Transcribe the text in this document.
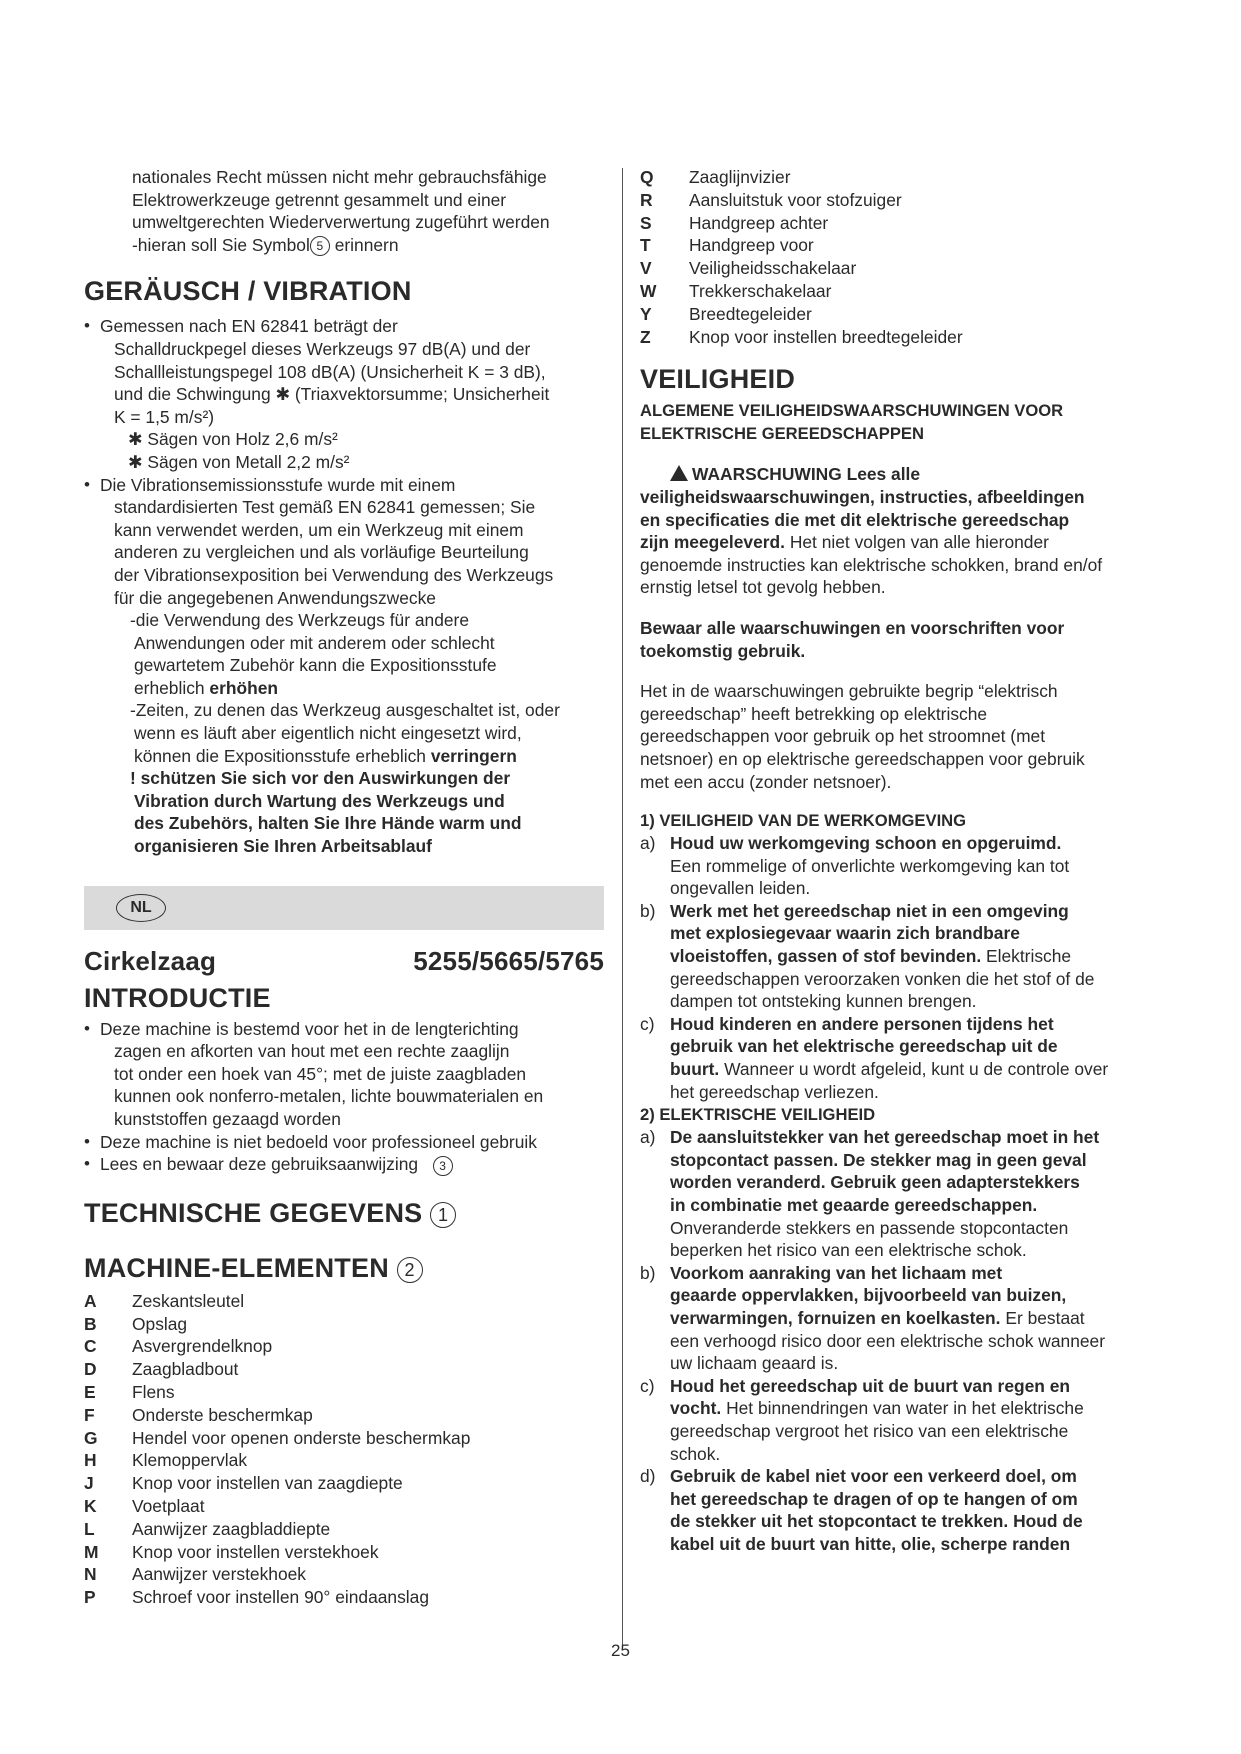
nationales Recht müssen nicht mehr gebrauchsfähige
Elektrowerkzeuge getrennt gesammelt und einer
umweltgerechten Wiederverwertung zugeführt werden
-hieran soll Sie Symbol 5 erinnern
GERÄUSCH / VIBRATION
• Gemessen nach EN 62841 beträgt der
Schalldruckpegel dieses Werkzeugs 97 dB(A) und der
Schallleistungspegel 108 dB(A) (Unsicherheit K = 3 dB),
und die Schwingung ✱ (Triaxvektorsumme; Unsicherheit
K = 1,5 m/s²)
✱ Sägen von Holz 2,6 m/s²
✱ Sägen von Metall 2,2 m/s²
• Die Vibrationsemissionsstufe wurde mit einem
standardisierten Test gemäß EN 62841 gemessen; Sie
kann verwendet werden, um ein Werkzeug mit einem
anderen zu vergleichen und als vorläufige Beurteilung
der Vibrationsexposition bei Verwendung des Werkzeugs
für die angegebenen Anwendungszwecke
-die Verwendung des Werkzeugs für andere
Anwendungen oder mit anderem oder schlecht
gewartetem Zubehör kann die Expositionsstufe
erheblich erhöhen
-Zeiten, zu denen das Werkzeug ausgeschaltet ist, oder
wenn es läuft aber eigentlich nicht eingesetzt wird,
können die Expositionsstufe erheblich verringern
! schützen Sie sich vor den Auswirkungen der
Vibration durch Wartung des Werkzeugs und
des Zubehörs, halten Sie Ihre Hände warm und
organisieren Sie Ihren Arbeitsablauf
NL
Cirkelzaag	5255/5665/5765
INTRODUCTIE
• Deze machine is bestemd voor het in de lengterichting
zagen en afkorten van hout met een rechte zaaglijn
tot onder een hoek van 45°; met de juiste zaagbladen
kunnen ook nonferro-metalen, lichte bouwmaterialen en
kunststoffen gezaagd worden
• Deze machine is niet bedoeld voor professioneel gebruik
• Lees en bewaar deze gebruiksaanwijzing 3
TECHNISCHE GEGEVENS 1
MACHINE-ELEMENTEN 2
A	Zeskantsleutel
B	Opslag
C	Asvergrendelknop
D	Zaagbladbout
E	Flens
F	Onderste beschermkap
G	Hendel voor openen onderste beschermkap
H	Klemoppervlak
J	Knop voor instellen van zaagdiepte
K	Voetplaat
L	Aanwijzer zaagbladdiepte
M	Knop voor instellen verstekhoek
N	Aanwijzer verstekhoek
P	Schroef voor instellen 90° eindaanslag
Q	Zaaglijnvizier
R	Aansluitstuk voor stofzuiger
S	Handgreep achter
T	Handgreep voor
V	Veiligheidsschakelaar
W	Trekkerschakelaar
Y	Breedtegeleider
Z	Knop voor instellen breedtegeleider
VEILIGHEID
ALGEMENE VEILIGHEIDSWAARSCHUWINGEN VOOR
ELEKTRISCHE GEREEDSCHAPPEN
WAARSCHUWING Lees alle
veiligheidswaarschuwingen, instructies, afbeeldingen
en specificaties die met dit elektrische gereedschap
zijn meegeleverd. Het niet volgen van alle hieronder
genoemde instructies kan elektrische schokken, brand en/of
ernstig letsel tot gevolg hebben.
Bewaar alle waarschuwingen en voorschriften voor
toekomstig gebruik.
Het in de waarschuwingen gebruikte begrip “elektrisch
gereedschap” heeft betrekking op elektrische
gereedschappen voor gebruik op het stroomnet (met
netsnoer) en op elektrische gereedschappen voor gebruik
met een accu (zonder netsnoer).
1) VEILIGHEID VAN DE WERKOMGEVING
a) Houd uw werkomgeving schoon en opgeruimd.
Een rommelige of onverlichte werkomgeving kan tot
ongevallen leiden.
b) Werk met het gereedschap niet in een omgeving
met explosiegevaar waarin zich brandbare
vloeistoffen, gassen of stof bevinden. Elektrische
gereedschappen veroorzaken vonken die het stof of de
dampen tot ontsteking kunnen brengen.
c) Houd kinderen en andere personen tijdens het
gebruik van het elektrische gereedschap uit de
buurt. Wanneer u wordt afgeleid, kunt u de controle over
het gereedschap verliezen.
2) ELEKTRISCHE VEILIGHEID
a) De aansluitstekker van het gereedschap moet in het
stopcontact passen. De stekker mag in geen geval
worden veranderd. Gebruik geen adapterstekkers
in combinatie met geaarde gereedschappen.
Onveranderde stekkers en passende stopcontacten
beperken het risico van een elektrische schok.
b) Voorkom aanraking van het lichaam met
geaarde oppervlakken, bijvoorbeeld van buizen,
verwarmingen, fornuizen en koelkasten. Er bestaat
een verhoogd risico door een elektrische schok wanneer
uw lichaam geaard is.
c) Houd het gereedschap uit de buurt van regen en
vocht. Het binnendringen van water in het elektrische
gereedschap vergroot het risico van een elektrische
schok.
d) Gebruik de kabel niet voor een verkeerd doel, om
het gereedschap te dragen of op te hangen of om
de stekker uit het stopcontact te trekken. Houd de
kabel uit de buurt van hitte, olie, scherpe randen
25
